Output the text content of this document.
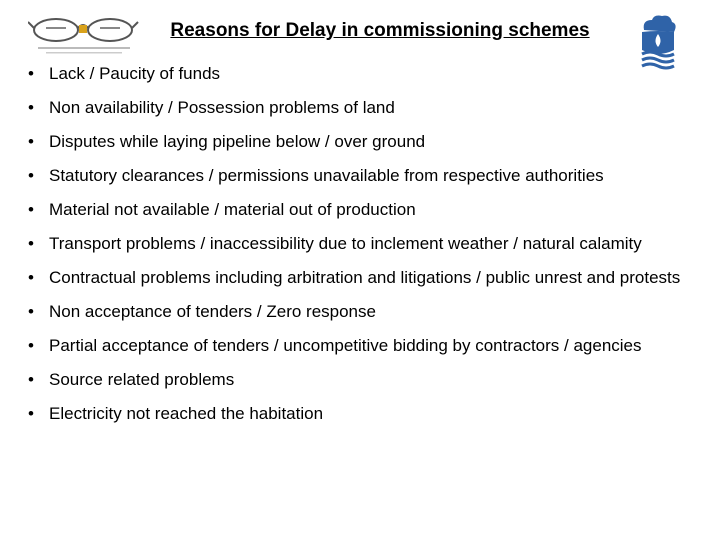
Reasons for Delay in commissioning schemes
• Lack / Paucity of funds
• Non availability / Possession problems of land
• Disputes while laying pipeline below / over ground
• Statutory clearances / permissions unavailable from respective authorities
• Material not available / material out of production
• Transport problems / inaccessibility due to inclement weather / natural calamity
• Contractual problems including arbitration and litigations / public unrest and protests
• Non acceptance of tenders / Zero response
• Partial acceptance of tenders / uncompetitive bidding by contractors / agencies
• Source related problems
• Electricity not reached the habitation
